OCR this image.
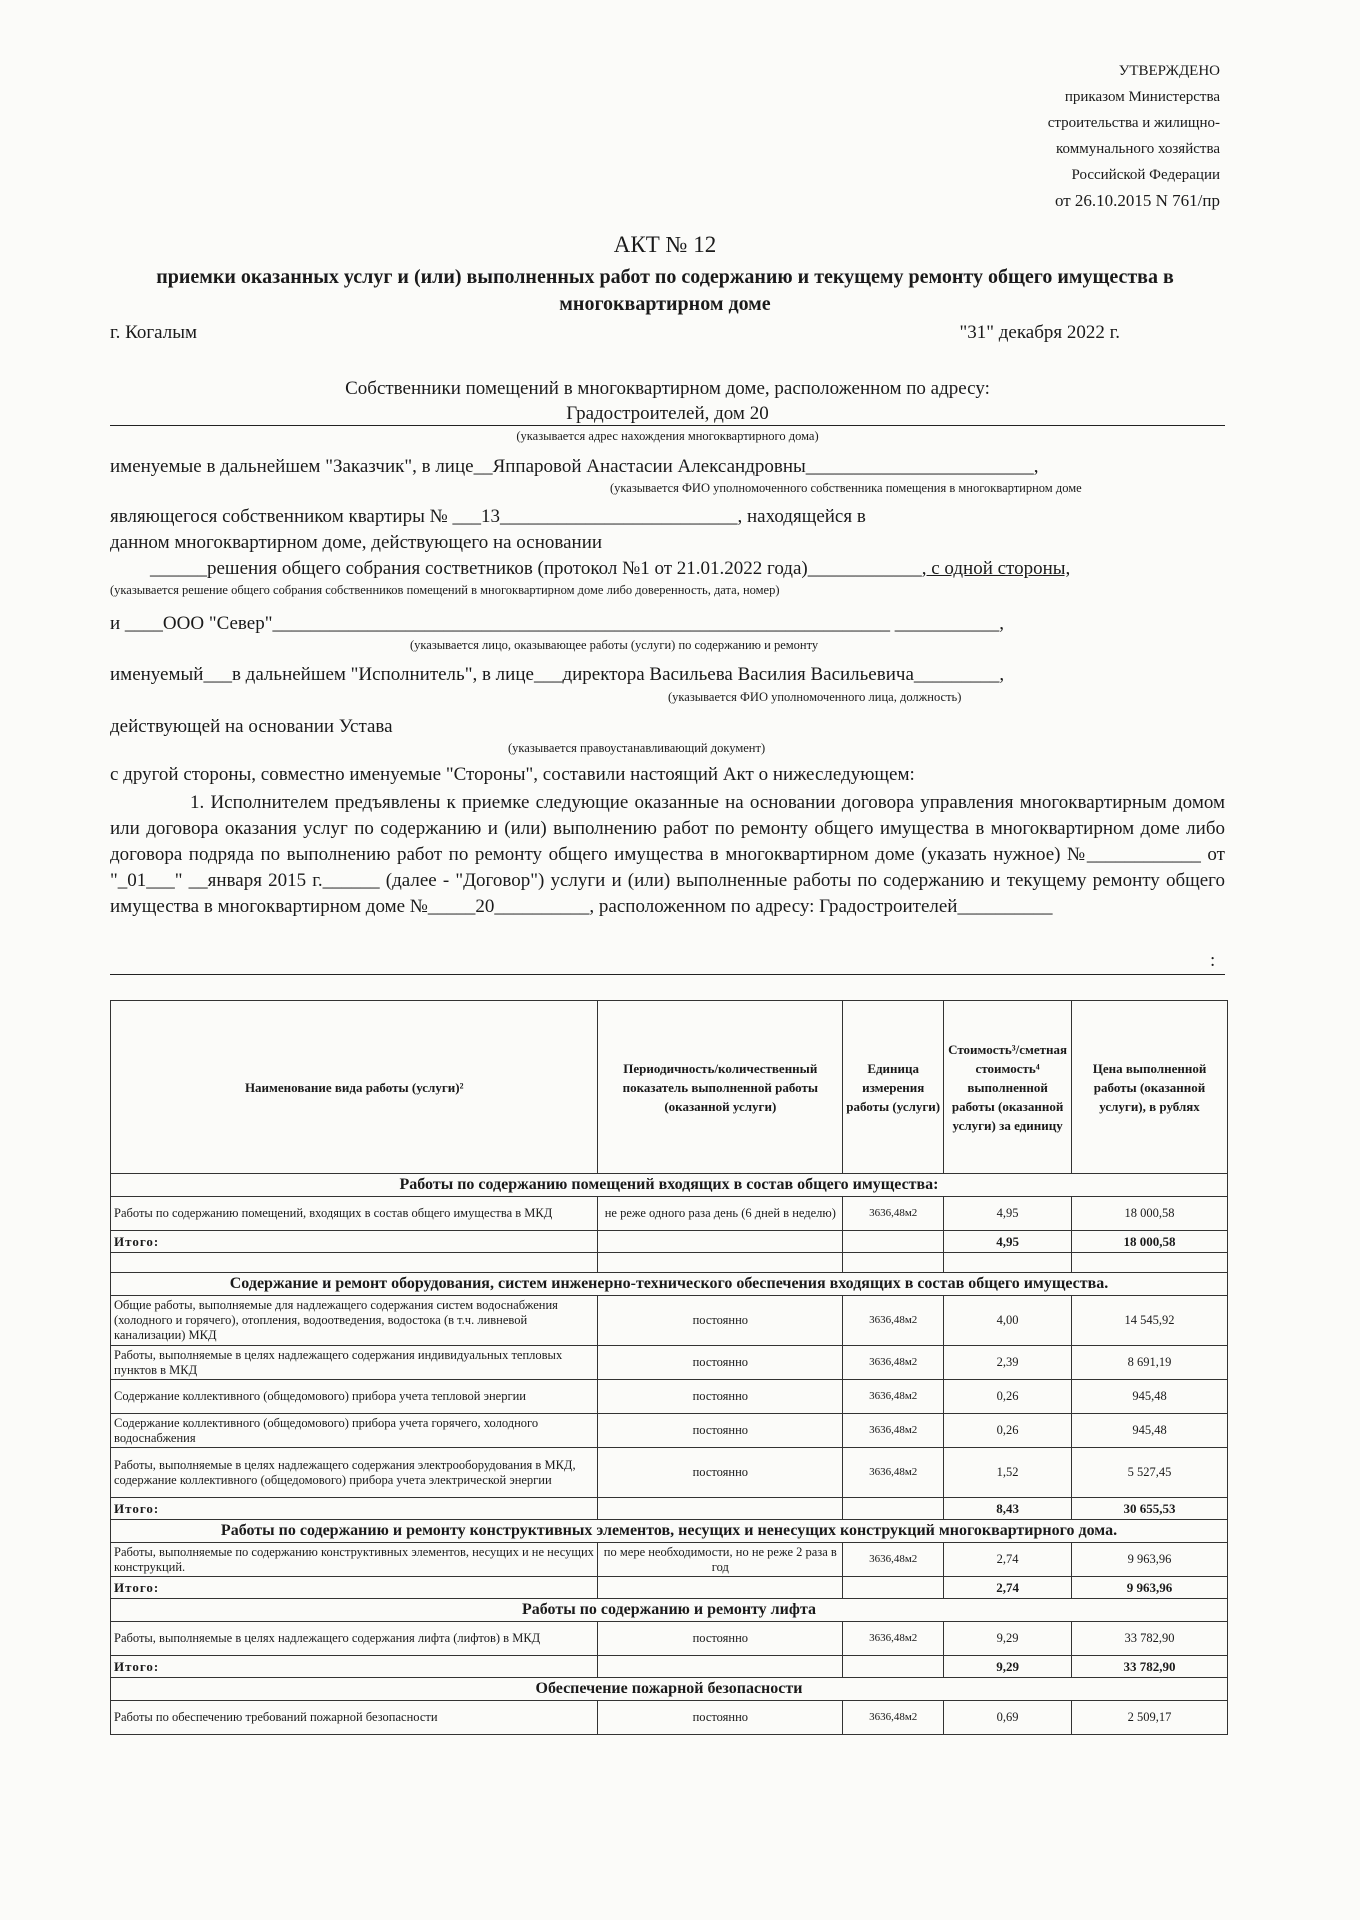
УТВЕРЖДЕНО
приказом Министерства
строительства и жилищно-
коммунального хозяйства
Российской Федерации
от 26.10.2015 N 761/пр
АКТ № 12
приемки оказанных услуг и (или) выполненных работ по содержанию и текущему ремонту общего имущества в многоквартирном доме
г. Когалым	"31" декабря 2022 г.
Собственники помещений в многоквартирном доме, расположенном по адресу:
Градостроителей, дом 20
(указывается адрес нахождения многоквартирного дома)
именуемые в дальнейшем "Заказчик", в лице__Яппаровой Анастасии Александровны________________________,
(указывается ФИО уполномоченного собственника помещения в многоквартирном доме
являющегося собственником квартиры № ___13_________________________, находящейся в
данном многоквартирном доме, действующего на основании
______решения общего собрания состветников (протокол №1 от 21.01.2022 года)____________, с одной стороны,
(указывается решение общего собрания собственников помещений в многоквартирном доме либо доверенность, дата, номер)
и ____ООО "Север"_________________________________________________________________ ___________,
(указывается лицо, оказывающее работы (услуги) по содержанию и ремонту
именуемый___в дальнейшем "Исполнитель", в лице___директора Васильева Василия Васильевича_________,
(указывается ФИО уполномоченного лица, должность)
действующей на основании Устава
(указывается правоустанавливающий документ)
с другой стороны, совместно именуемые "Стороны", составили настоящий Акт о нижеследующем:
1. Исполнителем предъявлены к приемке следующие оказанные на основании договора управления многоквартирным домом или договора оказания услуг по содержанию и (или) выполнению работ по ремонту общего имущества в многоквартирном доме либо договора подряда по выполнению работ по ремонту общего имущества в многоквартирном доме (указать нужное) №____________ от "_01___" __января 2015 г.______ (далее - "Договор") услуги и (или) выполненные работы по содержанию и текущему ремонту общего имущества в многоквартирном доме №_____20__________, расположенном по адресу: Градостроителей__________
:
Наименование вида работы (услуги)²	Периодичность/количественный показатель выполненной работы (оказанной услуги)	Единица измерения работы (услуги)	Стоимость³/сметная стоимость⁴ выполненной работы (оказанной услуги) за единицу	Цена выполненной работы (оказанной услуги), в рублях
Работы по содержанию помещений входящих в состав общего имущества:				
Работы по содержанию помещений, входящих в состав общего имущества в МКД	не реже одного раза день (6 дней в неделю)	3636,48м2	4,95	18 000,58
Итого:			4,95	18 000,58

Содержание и ремонт оборудования, систем инженерно-технического обеспечения входящих в состав общего имущества.				
Общие работы, выполняемые для надлежащего содержания систем водоснабжения (холодного и горячего), отопления, водоотведения, водостока (в т.ч. ливневой канализации) МКД	постоянно	3636,48м2	4,00	14 545,92
Работы, выполняемые в целях надлежащего содержания индивидуальных тепловых пунктов в МКД	постоянно	3636,48м2	2,39	8 691,19
Содержание коллективного (общедомового) прибора учета тепловой энергии	постоянно	3636,48м2	0,26	945,48
Содержание коллективного (общедомового) прибора учета горячего, холодного водоснабжения	постоянно	3636,48м2	0,26	945,48
Работы, выполняемые в целях надлежащего содержания электрооборудования в МКД, содержание коллективного (общедомового) прибора учета электрической энергии	постоянно	3636,48м2	1,52	5 527,45
Итого:			8,43	30 655,53
Работы по содержанию и ремонту конструктивных элементов, несущих и ненесущих конструкций многоквартирного дома.				
Работы, выполняемые по содержанию конструктивных элементов, несущих и не несущих конструкций.	по мере необходимости, но не реже 2 раза в год	3636,48м2	2,74	9 963,96
Итого:			2,74	9 963,96
Работы по содержанию и ремонту лифта				
Работы, выполняемые в целях надлежащего содержания лифта (лифтов) в МКД	постоянно	3636,48м2	9,29	33 782,90
Итого:			9,29	33 782,90
Обеспечение пожарной безопасности				
Работы по обеспечению требований пожарной безопасности	постоянно	3636,48м2	0,69	2 509,17
